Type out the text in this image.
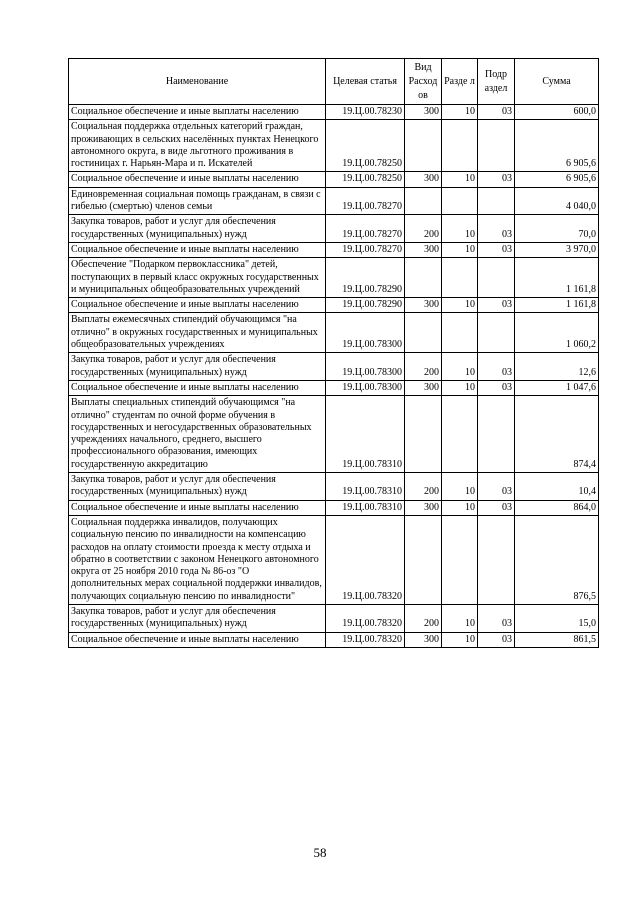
Наименование	Целевая статья	Вид Расход ов	Разде л	Подр аздел	Сумма
Социальное обеспечение и иные выплаты населению	19.Ц.00.78230	300	10	03	600,0
Социальная поддержка отдельных категорий граждан, проживающих в сельских населённых пунктах Ненецкого автономного округа, в виде льготного проживания в гостиницах г. Нарьян-Мара и п. Искателей	19.Ц.00.78250				6 905,6
Социальное обеспечение и иные выплаты населению	19.Ц.00.78250	300	10	03	6 905,6
Единовременная социальная помощь гражданам, в связи с гибелью (смертью) членов семьи	19.Ц.00.78270				4 040,0
Закупка товаров, работ и услуг для обеспечения государственных (муниципальных) нужд	19.Ц.00.78270	200	10	03	70,0
Социальное обеспечение и иные выплаты населению	19.Ц.00.78270	300	10	03	3 970,0
Обеспечение "Подарком первоклассника" детей, поступающих в первый класс окружных государственных и муниципальных общеобразовательных учреждений	19.Ц.00.78290				1 161,8
Социальное обеспечение и иные выплаты населению	19.Ц.00.78290	300	10	03	1 161,8
Выплаты ежемесячных стипендий обучающимся "на отлично" в окружных государственных и муниципальных общеобразовательных учреждениях	19.Ц.00.78300				1 060,2
Закупка товаров, работ и услуг для обеспечения государственных (муниципальных) нужд	19.Ц.00.78300	200	10	03	12,6
Социальное обеспечение и иные выплаты населению	19.Ц.00.78300	300	10	03	1 047,6
Выплаты специальных стипендий обучающимся "на отлично" студентам по очной форме обучения в государственных и негосударственных образовательных учреждениях начального, среднего, высшего профессионального образования, имеющих государственную аккредитацию	19.Ц.00.78310				874,4
Закупка товаров, работ и услуг для обеспечения государственных (муниципальных) нужд	19.Ц.00.78310	200	10	03	10,4
Социальное обеспечение и иные выплаты населению	19.Ц.00.78310	300	10	03	864,0
Социальная поддержка инвалидов, получающих социальную пенсию по инвалидности на компенсацию расходов на оплату стоимости проезда к месту отдыха и обратно в соответствии с законом Ненецкого автономного округа от 25 ноября 2010 года № 86-оз "О дополнительных мерах социальной поддержки инвалидов, получающих социальную пенсию по инвалидности"	19.Ц.00.78320				876,5
Закупка товаров, работ и услуг для обеспечения государственных (муниципальных) нужд	19.Ц.00.78320	200	10	03	15,0
Социальное обеспечение и иные выплаты населению	19.Ц.00.78320	300	10	03	861,5
58
